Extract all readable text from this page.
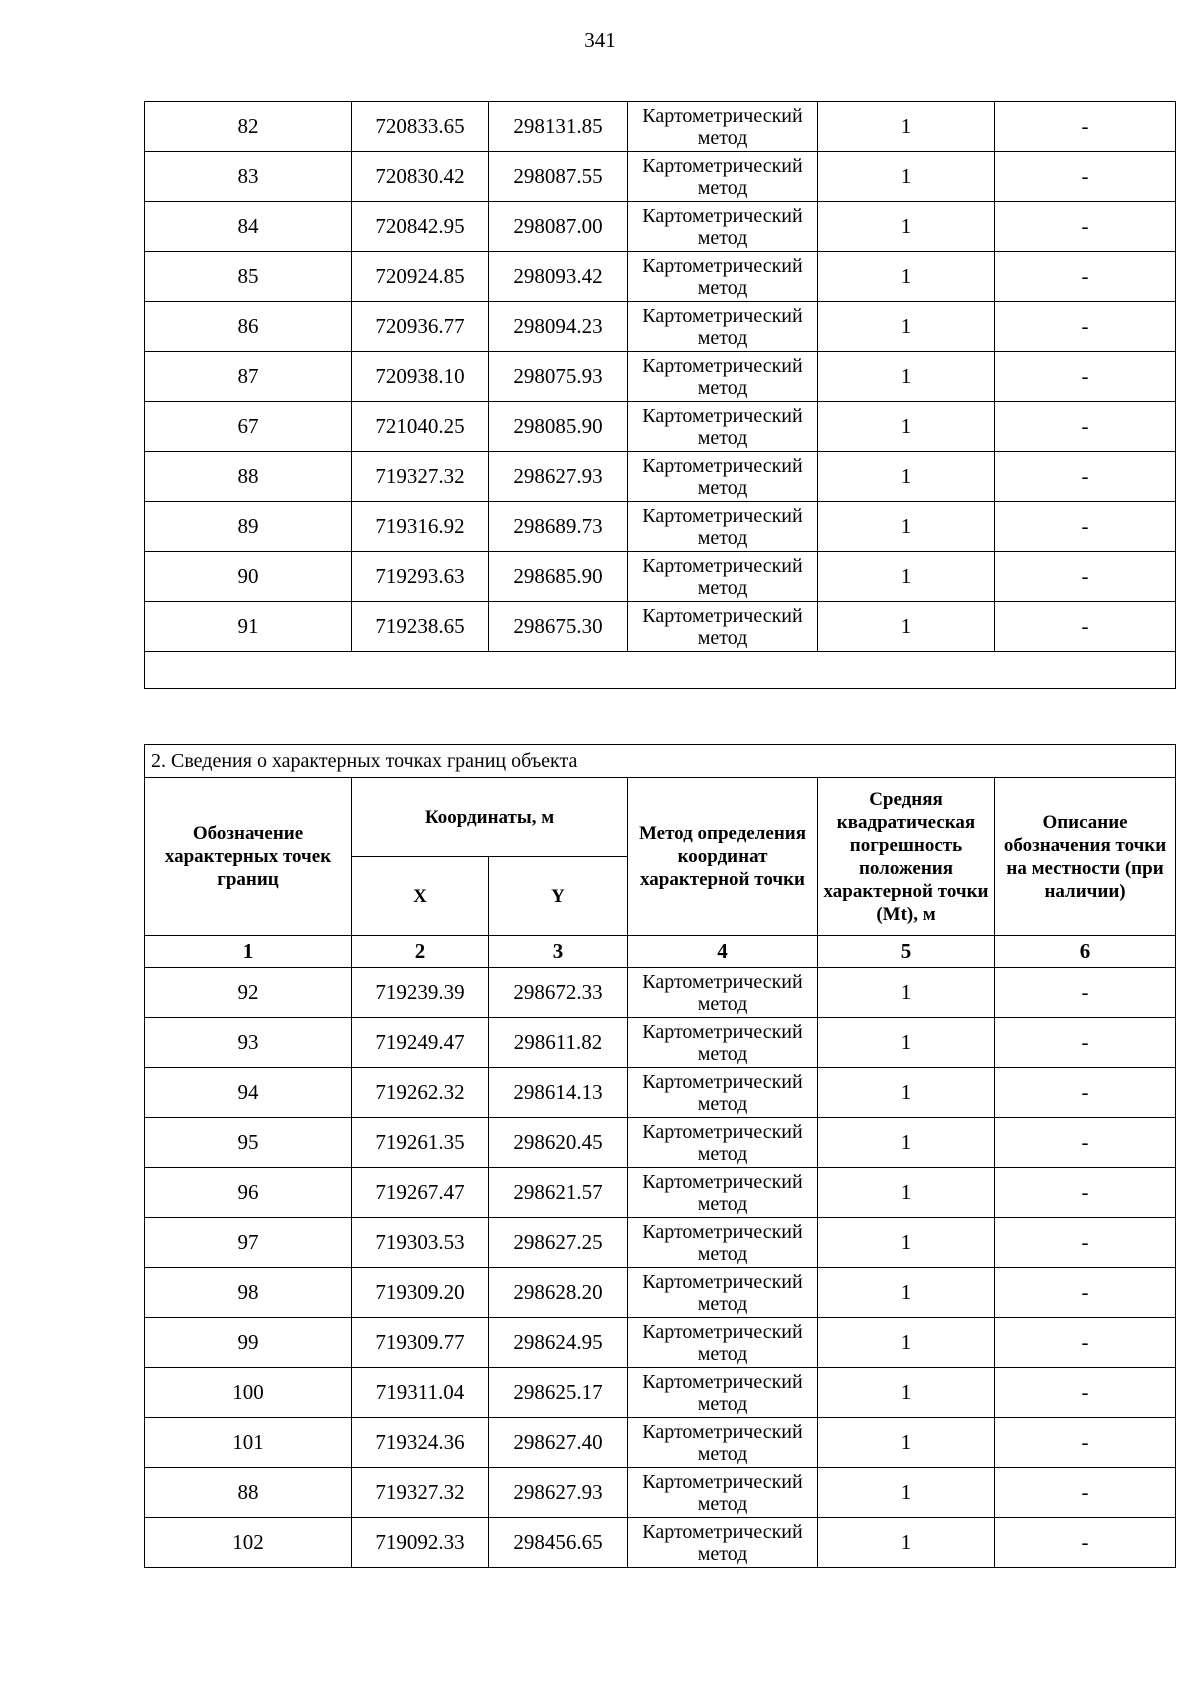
341
82	720833.65	298131.85	Картометрический метод	1	-
83	720830.42	298087.55	Картометрический метод	1	-
84	720842.95	298087.00	Картометрический метод	1	-
85	720924.85	298093.42	Картометрический метод	1	-
86	720936.77	298094.23	Картометрический метод	1	-
87	720938.10	298075.93	Картометрический метод	1	-
67	721040.25	298085.90	Картометрический метод	1	-
88	719327.32	298627.93	Картометрический метод	1	-
89	719316.92	298689.73	Картометрический метод	1	-
90	719293.63	298685.90	Картометрический метод	1	-
91	719238.65	298675.30	Картометрический метод	1	-

2. Сведения о характерных точках границ объекта					
Обозначение характерных точек границ	Координаты, м		Метод определения координат характерной точки	Средняя квадратическая погрешность положения характерной точки (Mt), м	Описание обозначения точки на местности (при наличии)
	X	Y			
1	2	3	4	5	6
92	719239.39	298672.33	Картометрический метод	1	-
93	719249.47	298611.82	Картометрический метод	1	-
94	719262.32	298614.13	Картометрический метод	1	-
95	719261.35	298620.45	Картометрический метод	1	-
96	719267.47	298621.57	Картометрический метод	1	-
97	719303.53	298627.25	Картометрический метод	1	-
98	719309.20	298628.20	Картометрический метод	1	-
99	719309.77	298624.95	Картометрический метод	1	-
100	719311.04	298625.17	Картометрический метод	1	-
101	719324.36	298627.40	Картометрический метод	1	-
88	719327.32	298627.93	Картометрический метод	1	-
102	719092.33	298456.65	Картометрический метод	1	-
